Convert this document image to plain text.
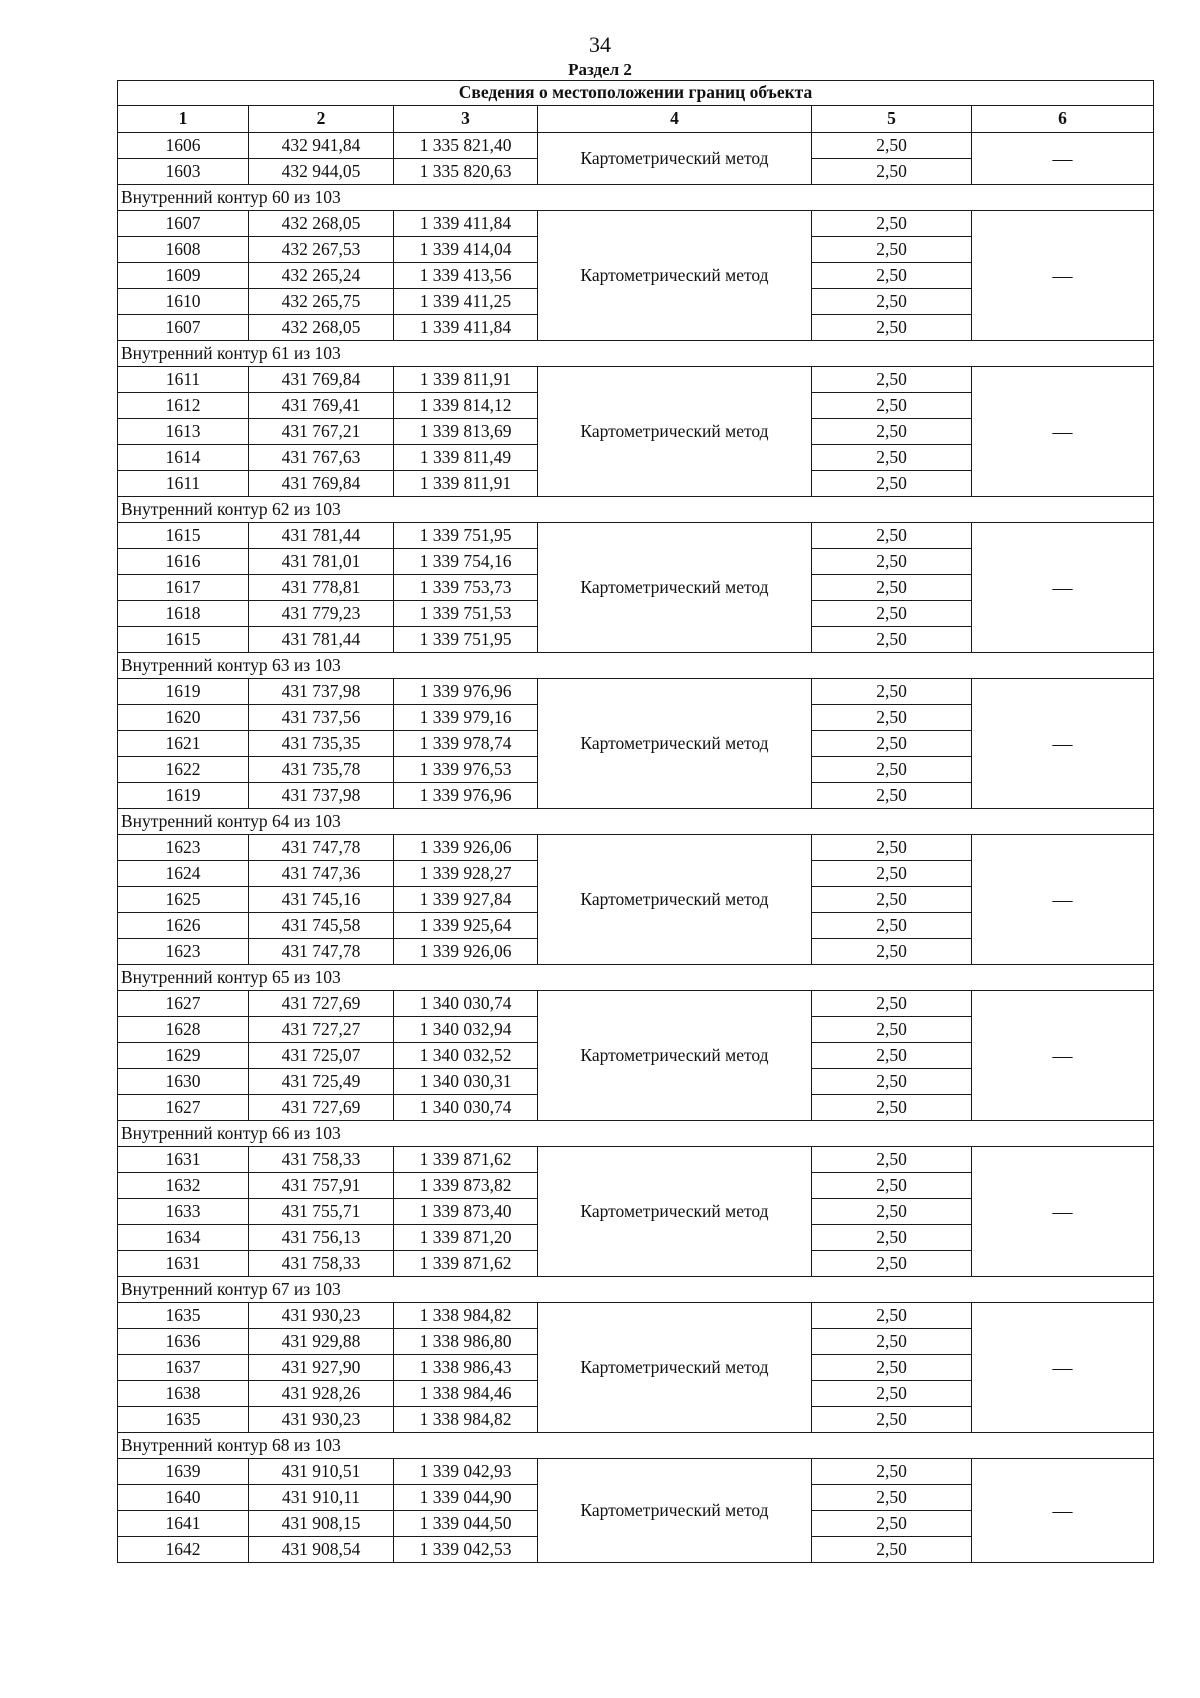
34
Раздел 2
Сведения о местоположении границ объекта					
1	2	3	4	5	6
1606	432 941,84	1 335 821,40	Картометрический метод	2,50	—
1603	432 944,05	1 335 820,63		2,50	
Внутренний контур 60 из 103					
1607	432 268,05	1 339 411,84	Картометрический метод	2,50	—
1608	432 267,53	1 339 414,04		2,50	
1609	432 265,24	1 339 413,56		2,50	
1610	432 265,75	1 339 411,25		2,50	
1607	432 268,05	1 339 411,84		2,50	
Внутренний контур 61 из 103					
1611	431 769,84	1 339 811,91	Картометрический метод	2,50	—
1612	431 769,41	1 339 814,12		2,50	
1613	431 767,21	1 339 813,69		2,50	
1614	431 767,63	1 339 811,49		2,50	
1611	431 769,84	1 339 811,91		2,50	
Внутренний контур 62 из 103					
1615	431 781,44	1 339 751,95	Картометрический метод	2,50	—
1616	431 781,01	1 339 754,16		2,50	
1617	431 778,81	1 339 753,73		2,50	
1618	431 779,23	1 339 751,53		2,50	
1615	431 781,44	1 339 751,95		2,50	
Внутренний контур 63 из 103					
1619	431 737,98	1 339 976,96	Картометрический метод	2,50	—
1620	431 737,56	1 339 979,16		2,50	
1621	431 735,35	1 339 978,74		2,50	
1622	431 735,78	1 339 976,53		2,50	
1619	431 737,98	1 339 976,96		2,50	
Внутренний контур 64 из 103					
1623	431 747,78	1 339 926,06	Картометрический метод	2,50	—
1624	431 747,36	1 339 928,27		2,50	
1625	431 745,16	1 339 927,84		2,50	
1626	431 745,58	1 339 925,64		2,50	
1623	431 747,78	1 339 926,06		2,50	
Внутренний контур 65 из 103					
1627	431 727,69	1 340 030,74	Картометрический метод	2,50	—
1628	431 727,27	1 340 032,94		2,50	
1629	431 725,07	1 340 032,52		2,50	
1630	431 725,49	1 340 030,31		2,50	
1627	431 727,69	1 340 030,74		2,50	
Внутренний контур 66 из 103					
1631	431 758,33	1 339 871,62	Картометрический метод	2,50	—
1632	431 757,91	1 339 873,82		2,50	
1633	431 755,71	1 339 873,40		2,50	
1634	431 756,13	1 339 871,20		2,50	
1631	431 758,33	1 339 871,62		2,50	
Внутренний контур 67 из 103					
1635	431 930,23	1 338 984,82	Картометрический метод	2,50	—
1636	431 929,88	1 338 986,80		2,50	
1637	431 927,90	1 338 986,43		2,50	
1638	431 928,26	1 338 984,46		2,50	
1635	431 930,23	1 338 984,82		2,50	
Внутренний контур 68 из 103					
1639	431 910,51	1 339 042,93	Картометрический метод	2,50	—
1640	431 910,11	1 339 044,90		2,50	
1641	431 908,15	1 339 044,50		2,50	
1642	431 908,54	1 339 042,53		2,50	
